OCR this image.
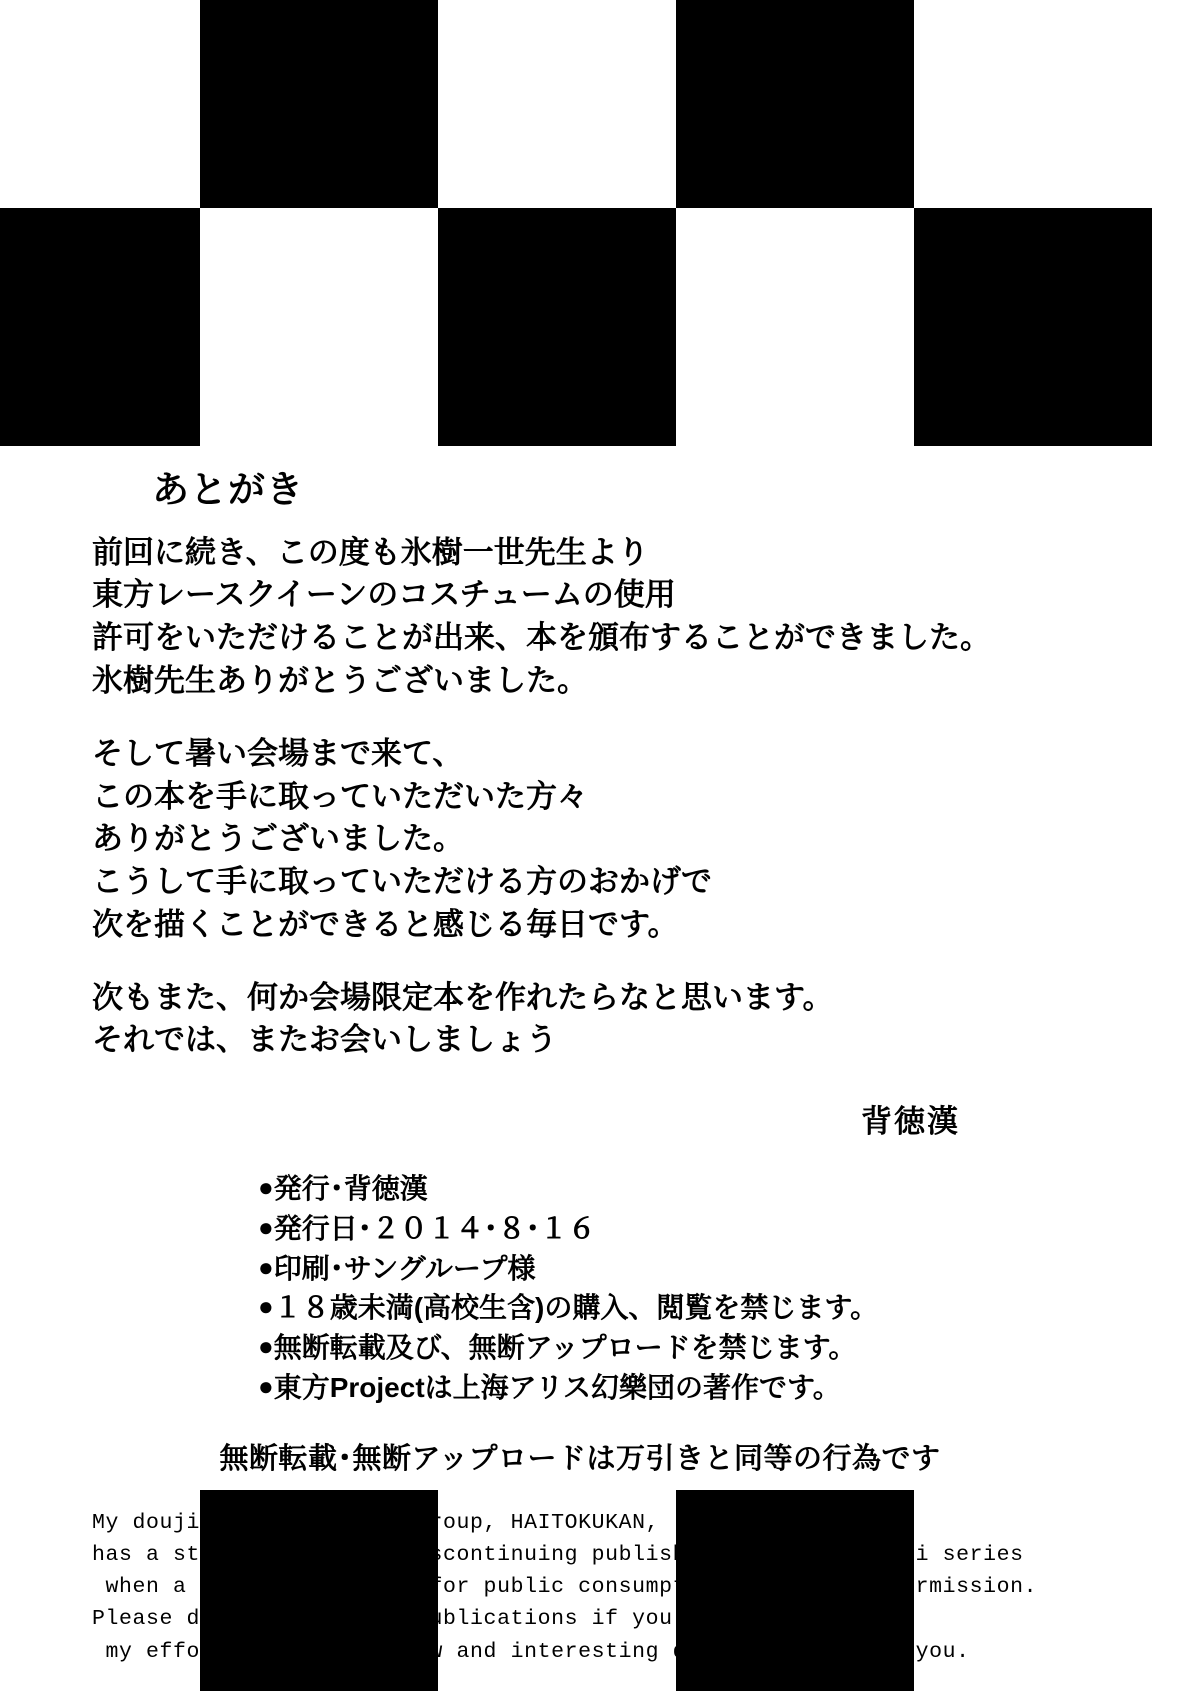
あとがき

前回に続き、この度も氷樹一世先生より

東方レースクイーンのコスチュームの使用

許可をいただけることが出来、本を頒布することができました。

氷樹先生ありがとうございました。

そして暑い会場まで来て、

この本を手に取っていただいた方々

ありがとうございました。

こうして手に取っていただける方のおかげで

次を描くことができると感じる毎日です。

次もまた、何か会場限定本を作れたらなと思います。

それでは、またお会いしましょう

背徳漢
●発行･背徳漢
●発行日･２０１４･８･１６
●印刷･サングループ様
●１８歳未満(高校生含)の購入、閲覧を禁じます。
●無断転載及び、無断アップロードを禁じます。
●東方Projectは上海アリス幻樂団の著作です。
無断転載･無断アップロードは万引きと同等の行為です

My doujinshi publishing group, HAITOKUKAN,

has a stated policy of discontinuing publishing of a doujinshi series

when a work is uploaded for public consumption without my permission.

Please do not upload my publications if you wish to support

my efforts to publish new and interesting doujinshis. Thank you.
